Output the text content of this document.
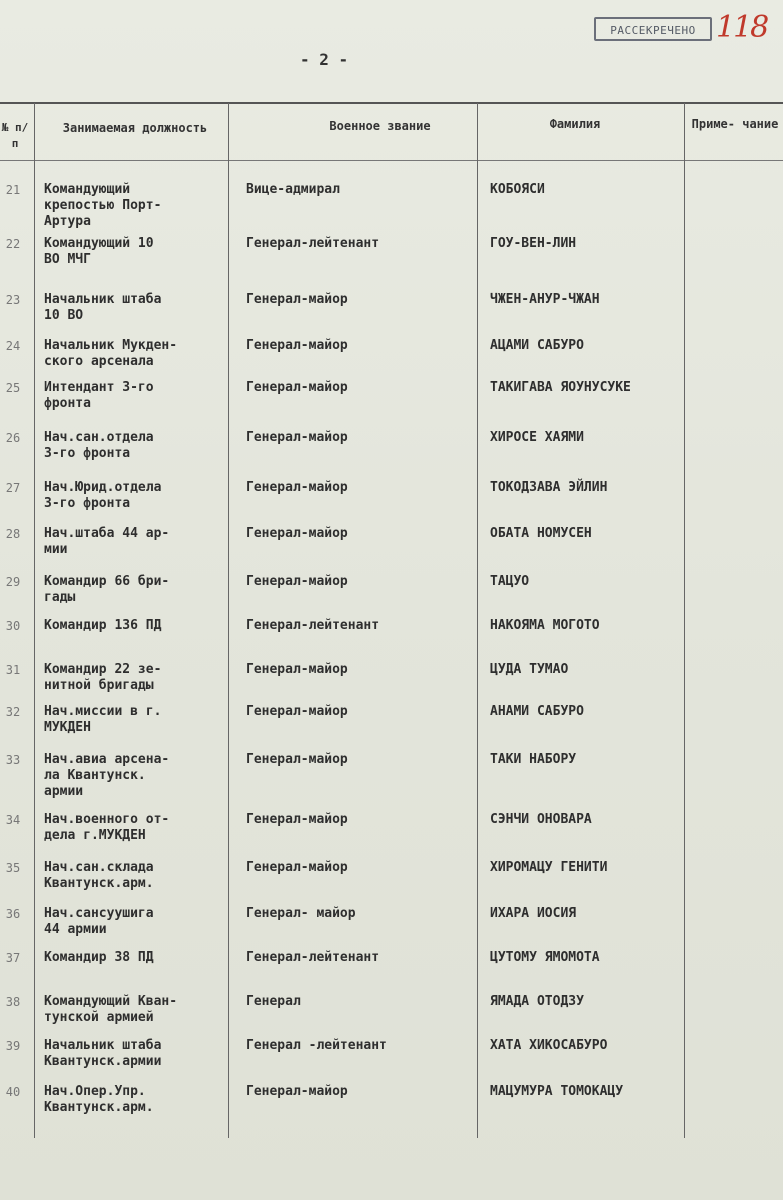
РАССЕКРЕЧЕНО 118
- 2 -
№ п/п
Занимаемая должность	Военное звание	Фамилия	Приме- чание
21	Командующий
крепостью Порт-
Артура
Вице-адмирал	КОБОЯСИ
22	Командующий 10
ВО МЧГ
Генерал-лейтенант	ГОУ-ВЕН-ЛИН
23	Начальник штаба
10 ВО
Генерал-майор	ЧЖЕН-АНУР-ЧЖАН
24	Начальник Мукден-
ского арсенала
Генерал-майор	АЦАМИ САБУРО
25	Интендант 3-го
фронта
Генерал-майор	ТАКИГАВА ЯОУНУСУКЕ
26	Нач.сан.отдела
3-го фронта
Генерал-майор	ХИРОСЕ ХАЯМИ
27	Нач.Юрид.отдела
3-го фронта
Генерал-майор	ТОКОДЗАВА ЭЙЛИН
28	Нач.штаба 44 ар-
мии
Генерал-майор	ОБАТА НОМУСЕН
29	Командир 66 бри-
гады
Генерал-майор	ТАЦУО
30	Командир 136 ПД	Генерал-лейтенант	НАКОЯМА МОГОТО
31	Командир 22 зе-
нитной бригады
Генерал-майор	ЦУДА ТУМАО
32	Нач.миссии в г.
МУКДЕН
Генерал-майор	АНАМИ САБУРО
33	Нач.авиа арсена-
ла Квантунск.
армии
Генерал-майор	ТАКИ НАБОРУ
34	Нач.военного от-
дела г.МУКДЕН
Генерал-майор	СЭНЧИ ОНОВАРА
35	Нач.сан.склада
Квантунск.арм.
Генерал-майор	ХИРОМАЦУ ГЕНИТИ
36	Нач.сансуушига
44 армии
Генерал- майор	ИХАРА ИОСИЯ
37	Командир 38 ПД	Генерал-лейтенант	ЦУТОМУ ЯМОМОТА
38	Командующий Кван-
тунской армией
Генерал	ЯМАДА ОТОДЗУ
39	Начальник штаба
Квантунск.армии
Генерал -лейтенант	ХАТА ХИКОСАБУРО
40	Нач.Опер.Упр.
Квантунск.арм.
Генерал-майор	МАЦУМУРА ТОМОКАЦУ
